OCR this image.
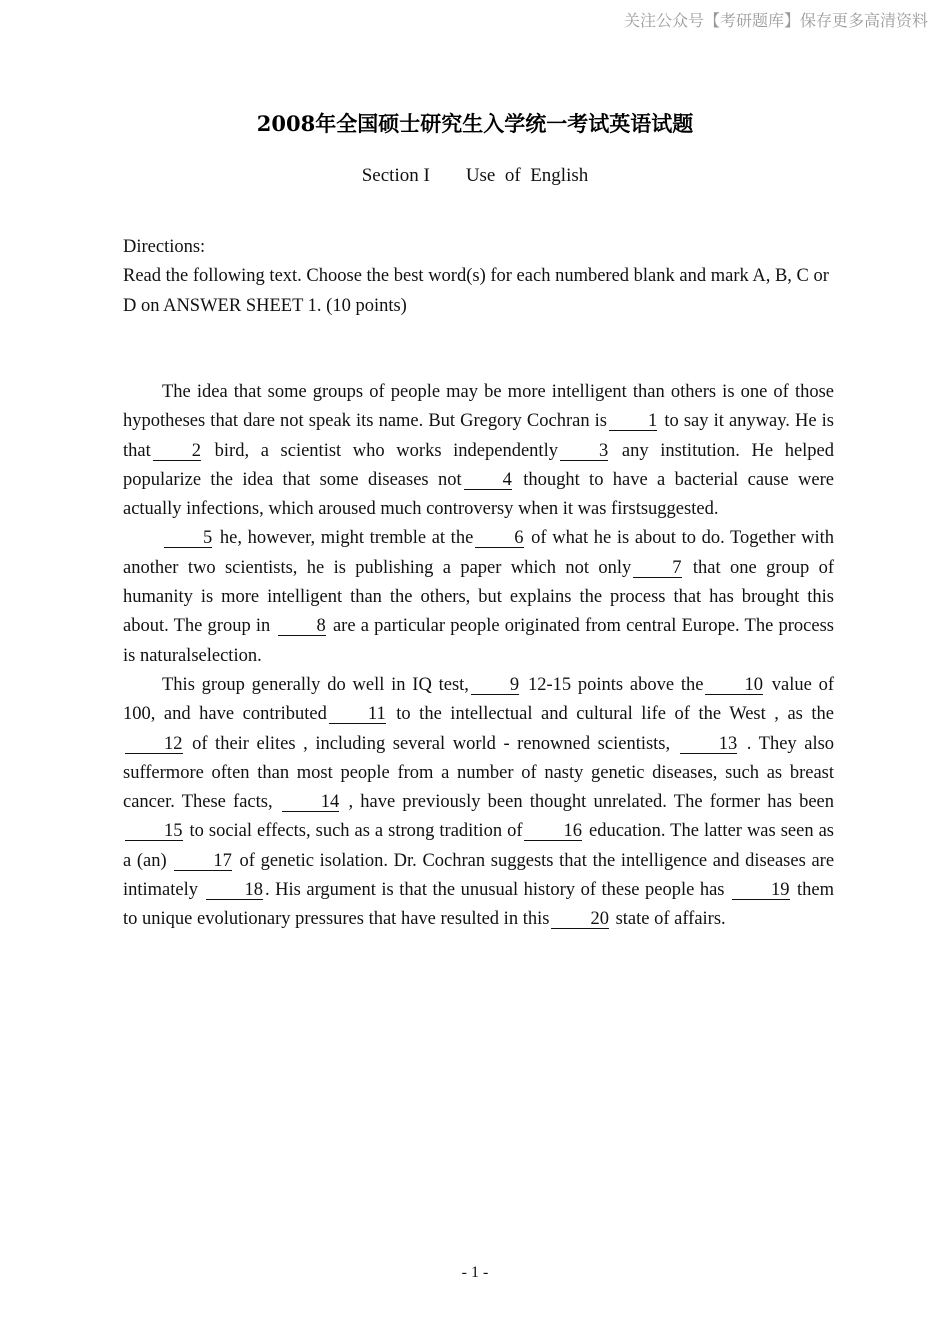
关注公众号【考研题库】保存更多高清资料
2008年全国硕士研究生入学统一考试英语试题
Section I Use  of  English

Directions:

Read the following text. Choose the best word(s) for each numbered blank and mark A, B, C or D on ANSWER SHEET 1. (10 points)

The idea that some groups of people may be more intelligent than others is one of those hypotheses that dare not speak its name. But Gregory Cochran is 1 to say it anyway. He is that 2 bird, a scientist who works independently 3 any institution. He helped popularize the idea that some diseases not 4 thought to have a bacterial cause were actually infections, which aroused much controversy when it was firstsuggested.

5 he, however, might tremble at the 6 of what he is about to do. Together with another two scientists, he is publishing a paper which not only 7 that one group of humanity is more intelligent than the others, but explains the process that has brought this about. The group in 8 are a particular people originated from central Europe. The process is naturalselection.

This group generally do well in IQ test, 9 12-15 points above the 10 value of 100, and have contributed 11 to the intellectual and cultural life of the West , as the12 of their elites , including several world - renowned scientists,	13 . They also suffermore often than most people from a number of nasty genetic diseases, such as breast cancer. These facts,	14 , have previously been thought unrelated. The former has been15 to social effects, such as a strong tradition of 16 education. The latter was seen as a (an)	17 of genetic isolation. Dr. Cochran suggests that the intelligence and diseases are intimately	18 . His argument is that the unusual history of these people has	19 them to unique evolutionary pressures that have resulted in this 20 state of affairs.

- 1 -
